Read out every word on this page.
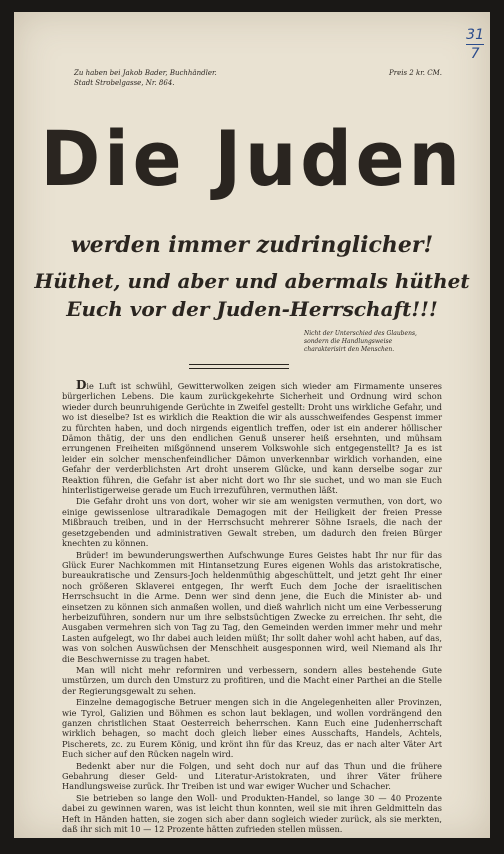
31
7
Zu haben bei Jakob Bader, Buchhändler.
Stadt Strobelgasse, Nr. 864.
Preis 2 kr. CM.
Die Juden
werden immer zudringlicher!
Hüthet, und aber und abermals hüthet
Euch vor der Juden-Herrschaft!!!
Nicht der Unterschied des Glaubens, sondern die Handlungsweise charakterisirt den Menschen.

Die Luft ist schwühl, Gewitterwolken zeigen sich wieder am Firmamente unseres bürgerlichen Lebens. Die kaum zurückgekehrte Sicherheit und Ordnung wird schon wieder durch beunruhigende Gerüchte in Zweifel gestellt: Droht uns wirkliche Gefahr, und wo ist dieselbe? Ist es wirklich die Reaktion die wir als ausschweifendes Gespenst immer zu fürchten haben, und doch nirgends eigentlich treffen, oder ist ein anderer höllischer Dämon thätig, der uns den endlichen Genuß unserer heiß ersehnten, und mühsam errungenen Freiheiten mißgönnend unserem Volkswohle sich entgegenstellt? Ja es ist leider ein solcher menschenfeindlicher Dämon unverkennbar wirklich vorhanden, eine Gefahr der verderblichsten Art droht unserem Glücke, und kann derselbe sogar zur Reaktion führen, die Gefahr ist aber nicht dort wo Ihr sie suchet, und wo man sie Euch hinterlistigerweise gerade um Euch irrezuführen, vermuthen läßt.

Die Gefahr droht uns von dort, woher wir sie am wenigsten vermuthen, von dort, wo einige gewissenlose ultraradikale Demagogen mit der Heiligkeit der freien Presse Mißbrauch treiben, und in der Herrschsucht mehrerer Söhne Israels, die nach der gesetzgebenden und administrativen Gewalt streben, um dadurch den freien Bürger knechten zu können.

Brüder! im bewunderungswerthen Aufschwunge Eures Geistes habt Ihr nur für das Glück Eurer Nachkommen mit Hintansetzung Eures eigenen Wohls das aristokratische, bureaukratische und Zensurs-Joch heldenmüthig abgeschüttelt, und jetzt geht Ihr einer noch größeren Sklaverei entgegen, Ihr werft Euch dem Joche der israelitischen Herrschsucht in die Arme. Denn wer sind denn jene, die Euch die Minister ab- und einsetzen zu können sich anmaßen wollen, und dieß wahrlich nicht um eine Verbesserung herbeizuführen, sondern nur um ihre selbstsüchtigen Zwecke zu erreichen. Ihr seht, die Ausgaben vermehren sich von Tag zu Tag, den Gemeinden werden immer mehr und mehr Lasten aufgelegt, wo Ihr dabei auch leiden müßt; Ihr sollt daher wohl acht haben, auf das, was von solchen Auswüchsen der Menschheit ausgesponnen wird, weil Niemand als Ihr die Beschwernisse zu tragen habet.

Man will nicht mehr reformiren und verbessern, sondern alles bestehende Gute umstürzen, um durch den Umsturz zu profitiren, und die Macht einer Parthei an die Stelle der Regierungsgewalt zu sehen.

Einzelne demagogische Betruer mengen sich in die Angelegenheiten aller Provinzen, wie Tyrol, Galizien und Böhmen es schon laut beklagen, und wollen vordrängend den ganzen christlichen Staat Oesterreich beherrschen. Kann Euch eine Judenherrschaft wirklich behagen, so macht doch gleich lieber eines Ausschafts, Handels, Achtels, Pischerets, zc. zu Eurem König, und krönt ihn für das Kreuz, das er nach alter Väter Art Euch sicher auf den Rücken nageln wird.

Bedenkt aber nur die Folgen, und seht doch nur auf das Thun und die frühere Gebahrung dieser Geld- und Literatur-Aristokraten, und ihrer Väter frühere Handlungsweise zurück. Ihr Treiben ist und war ewiger Wucher und Schacher.

Sie betrieben so lange den Woll- und Produkten-Handel, so lange 30 — 40 Prozente dabei zu gewinnen waren, was ist leicht thun konnten, weil sie mit ihren Geldmitteln das Heft in Händen hatten, sie zogen sich aber dann sogleich wieder zurück, als sie merkten, daß ihr sich mit 10 — 12 Prozente hätten zufrieden stellen müssen.
